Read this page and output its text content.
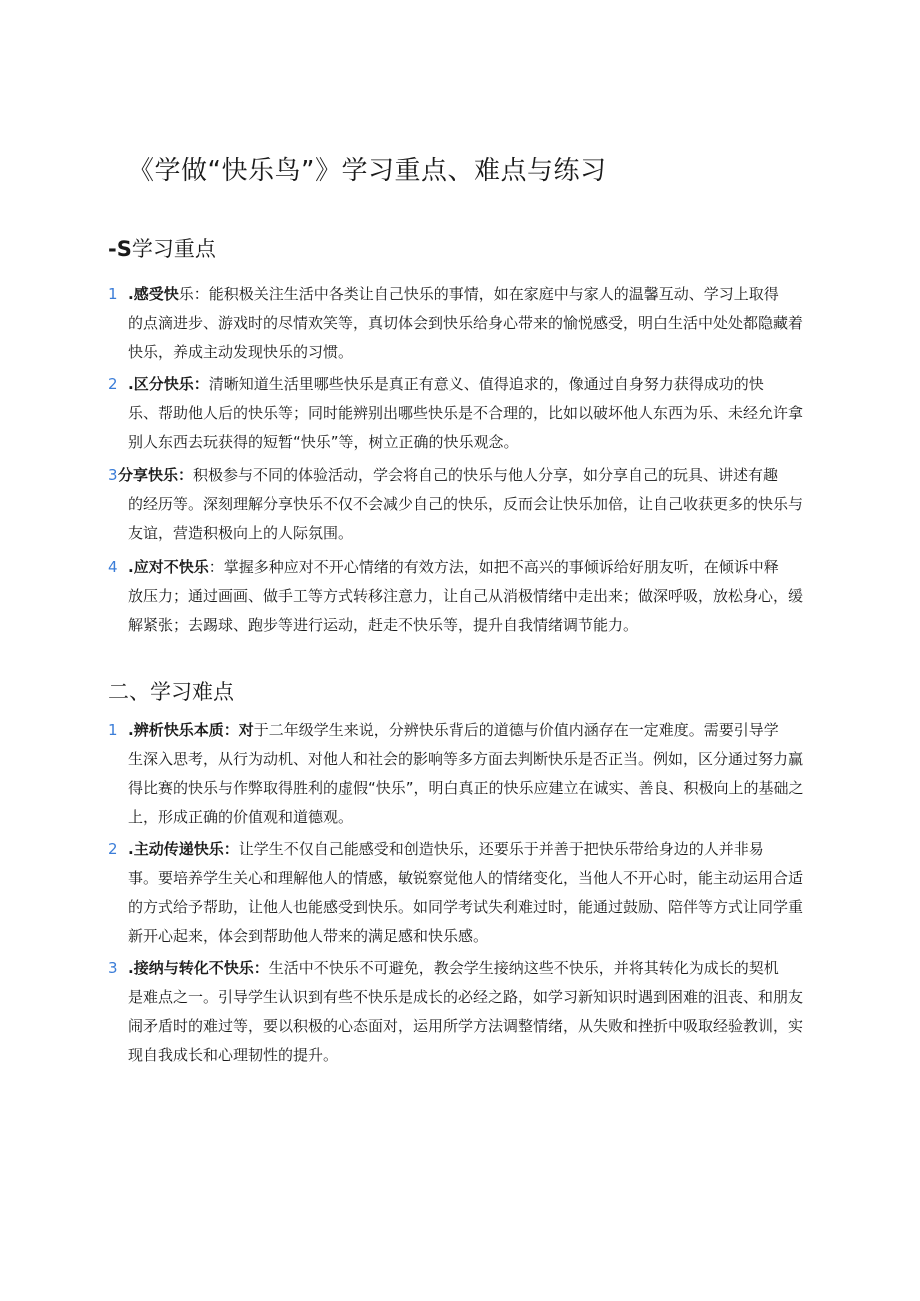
《学做“快乐鸟”》学习重点、难点与练习
-S学习重点
1 .感受快乐：能积极关注生活中各类让自己快乐的事情，如在家庭中与家人的温馨互动、学习上取得
的点滴进步、游戏时的尽情欢笑等，真切体会到快乐给身心带来的愉悦感受，明白生活中处处都隐藏着快乐，养成主动发现快乐的习惯。
2 .区分快乐：清晰知道生活里哪些快乐是真正有意义、值得追求的，像通过自身努力获得成功的快
乐、帮助他人后的快乐等；同时能辨别出哪些快乐是不合理的，比如以破坏他人东西为乐、未经允许拿别人东西去玩获得的短暂“快乐”等，树立正确的快乐观念。
3分享快乐：积极参与不同的体验活动，学会将自己的快乐与他人分享，如分享自己的玩具、讲述有趣
的经历等。深刻理解分享快乐不仅不会减少自己的快乐，反而会让快乐加倍，让自己收获更多的快乐与友谊，营造积极向上的人际氛围。
4 .应对不快乐：掌握多种应对不开心情绪的有效方法，如把不高兴的事倾诉给好朋友听，在倾诉中释
放压力；通过画画、做手工等方式转移注意力，让自己从消极情绪中走出来；做深呼吸，放松身心，缓解紧张；去踢球、跑步等进行运动，赶走不快乐等，提升自我情绪调节能力。
二、学习难点
1 .辨析快乐本质：对于二年级学生来说，分辨快乐背后的道德与价值内涵存在一定难度。需要引导学
生深入思考，从行为动机、对他人和社会的影响等多方面去判断快乐是否正当。例如，区分通过努力赢得比赛的快乐与作弊取得胜利的虚假“快乐”，明白真正的快乐应建立在诚实、善良、积极向上的基础之上，形成正确的价值观和道德观。
2 .主动传递快乐：让学生不仅自己能感受和创造快乐，还要乐于并善于把快乐带给身边的人并非易
事。要培养学生关心和理解他人的情感，敏锐察觉他人的情绪变化，当他人不开心时，能主动运用合适的方式给予帮助，让他人也能感受到快乐。如同学考试失利难过时，能通过鼓励、陪伴等方式让同学重新开心起来，体会到帮助他人带来的满足感和快乐感。
3 .接纳与转化不快乐：生活中不快乐不可避免，教会学生接纳这些不快乐，并将其转化为成长的契机
是难点之一。引导学生认识到有些不快乐是成长的必经之路，如学习新知识时遇到困难的沮丧、和朋友闹矛盾时的难过等，要以积极的心态面对，运用所学方法调整情绪，从失败和挫折中吸取经验教训，实现自我成长和心理韧性的提升。
